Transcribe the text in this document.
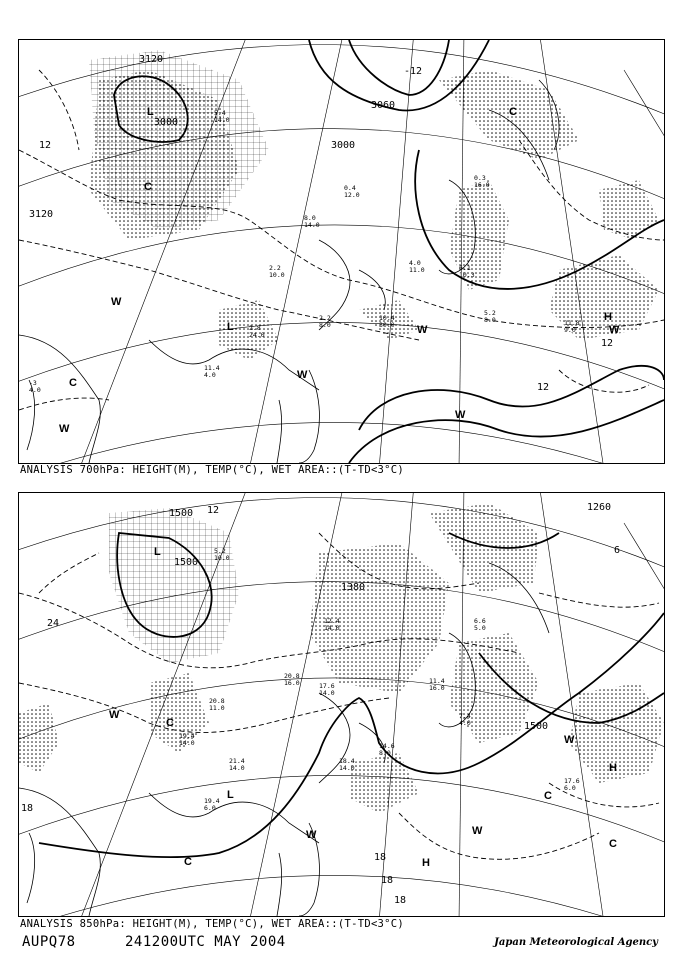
5.4
14.0
8.0
14.0
0.4
12.0
2.2
10.0
2.8
24.0
2.2
8.0
10.4
30.0
6.1
10.3
5.2
8.0	11.8
9.0
11.4
4.0
-3
4.0
4.0
11.0
0.3
16.0
3120
3000
3000
3060
3120
12
12
12
-12
L
H
C
C
C
W
W
W
W
W
W
L
ANALYSIS 700hPa: HEIGHT(M), TEMP(°C), WET AREA::(T-TD<3°C)
5.2
10.0
12.4
14.0
20.8
16.0
20.8
11.0
17.6
14.0
18.4
14.0
14.6
8.0
11.4
16.0
7.4
4.0
19.4
14.0
21.4
14.0
19.4
6.0
17.6
6.0
6.6
5.0
1500
1500
1380
1500
1260
12
24
18
18
18
18
6
L
H
H
C
C
C
C
W
W	W
W
L
ANALYSIS 850hPa: HEIGHT(M), TEMP(°C), WET AREA::(T-TD<3°C)
AUPQ78	241200UTC MAY 2004	Japan Meteorological Agency
